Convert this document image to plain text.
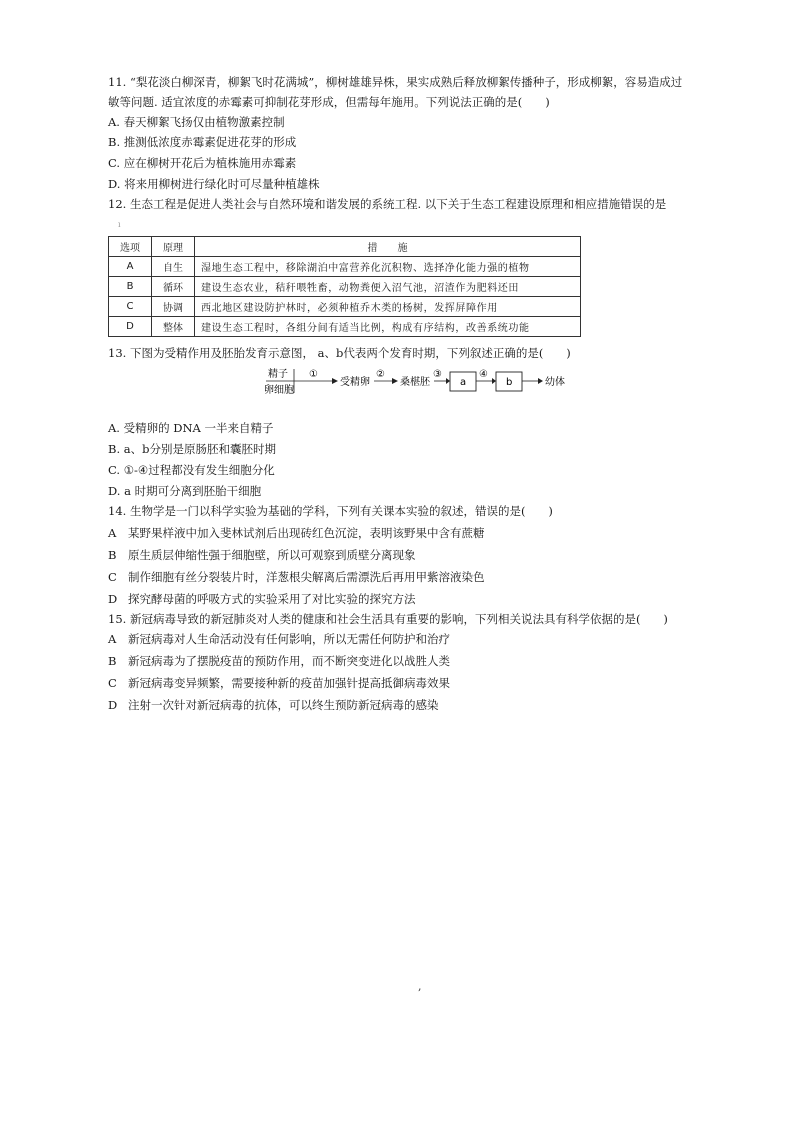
11. “梨花淡白柳深青，柳絮飞时花满城”，柳树雄雄异株，果实成熟后释放柳絮传播种子，形成柳絮，容易造成过
敏等问题. 适宜浓度的赤霉素可抑制花芽形成，但需每年施用。下列说法正确的是(　　)
A. 春天柳絮飞扬仅由植物激素控制
B. 推测低浓度赤霉素促进花芽的形成
C. 应在柳树开花后为植株施用赤霉素
D. 将来用柳树进行绿化时可尽量种植雄株
12. 生态工程是促进人类社会与自然环境和谐发展的系统工程. 以下关于生态工程建设原理和相应措施错误的是
ı
选项	原理	措　　施
A	自生	湿地生态工程中，移除湖泊中富营养化沉积物、选择净化能力强的植物
B	循环	建设生态农业，秸秆喂牲畜，动物粪便入沼气池，沼渣作为肥料还田
C	协调	西北地区建设防护林时，必须种植乔木类的杨树，发挥屏障作用
D	整体	建设生态工程时，各组分间有适当比例，构成有序结构，改善系统功能
13. 下图为受精作用及胚胎发育示意图， a、b代表两个发育时期，下列叙述正确的是(　　)
精子
卵细胞
①
受精卵
②
桑椹胚
③
a
④
b	幼体
A. 受精卵的 DNA 一半来自精子
B. a、b分别是原肠胚和囊胚时期
C. ①-④过程都没有发生细胞分化
D. a 时期可分离到胚胎干细胞
14. 生物学是一门以科学实验为基础的学科，下列有关课本实验的叙述，错误的是(　　)
A 某野果样液中加入斐林试剂后出现砖红色沉淀，表明该野果中含有蔗糖
B 原生质层伸缩性强于细胞壁，所以可观察到质壁分离现象
C 制作细胞有丝分裂装片时，洋葱根尖解离后需漂洗后再用甲紫溶液染色
D 探究酵母菌的呼吸方式的实验采用了对比实验的探究方法
15. 新冠病毒导致的新冠肺炎对人类的健康和社会生活具有重要的影响，下列相关说法具有科学依据的是(　　)
A 新冠病毒对人生命活动没有任何影响，所以无需任何防护和治疗
B 新冠病毒为了摆脱疫苗的预防作用，而不断突变进化以战胜人类
C 新冠病毒变异频繁，需要接种新的疫苗加强针提高抵御病毒效果
D 注射一次针对新冠病毒的抗体，可以终生预防新冠病毒的感染
,
